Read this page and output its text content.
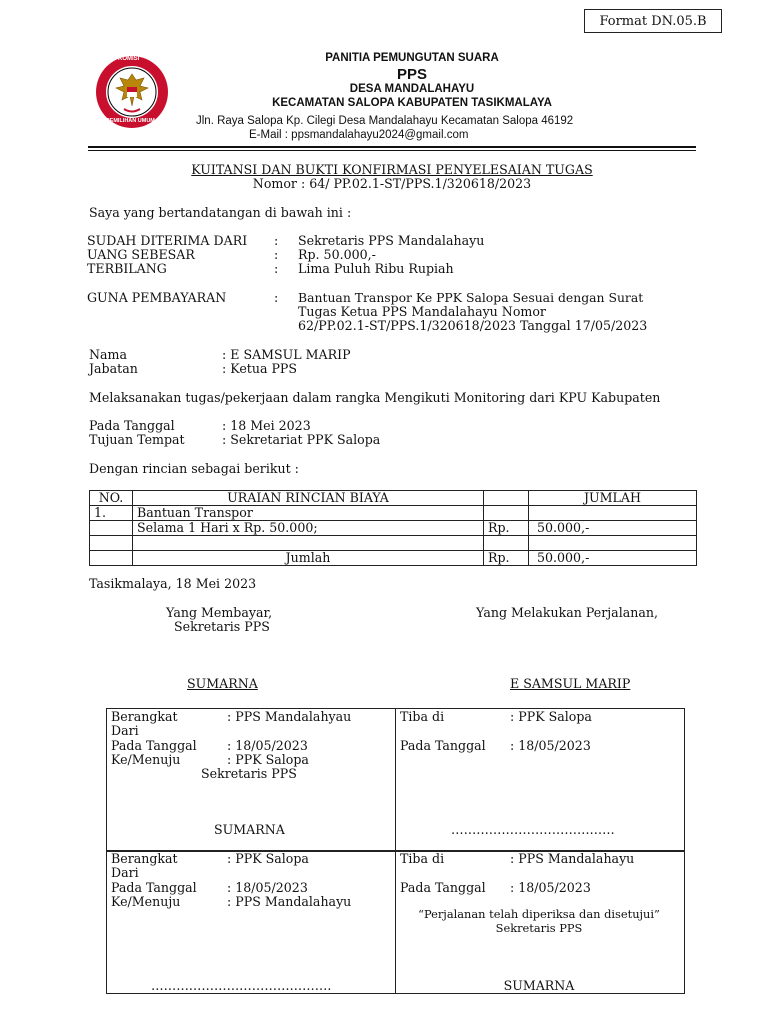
Format DN.05.B
KOMISI
PEMILIHAN UMUM
PANITIA PEMUNGUTAN SUARA
PPS
DESA MANDALAHAYU
KECAMATAN SALOPA KABUPATEN TASIKMALAYA
Jln. Raya Salopa Kp. Cilegi Desa Mandalahayu Kecamatan Salopa 46192
E-Mail : ppsmandalahayu2024@gmail.com
KUITANSI DAN BUKTI KONFIRMASI PENYELESAIAN TUGAS
Nomor : 64/ PP.02.1-ST/PPS.1/320618/2023
Saya yang bertandatangan di bawah ini :
SUDAH DITERIMA DARI : Sekretaris PPS Mandalahayu
UANG SEBESAR	: Rp. 50.000,-
TERBILANG	: Lima Puluh Ribu Rupiah
GUNA PEMBAYARAN	: Bantuan Transpor Ke PPK Salopa Sesuai dengan Surat
Tugas Ketua PPS Mandalahayu Nomor
62/PP.02.1-ST/PPS.1/320618/2023 Tanggal 17/05/2023
Nama	: E SAMSUL MARIP
Jabatan	: Ketua PPS
Melaksanakan tugas/pekerjaan dalam rangka Mengikuti Monitoring dari KPU Kabupaten
Pada Tanggal	: 18 Mei 2023
Tujuan Tempat	: Sekretariat PPK Salopa
Dengan rincian sebagai berikut :
NO.	URAIAN RINCIAN BIAYA		JUMLAH
1.	Bantuan Transpor		
	Selama 1 Hari x Rp. 50.000;	Rp.	50.000,-

	Jumlah	Rp.	50.000,-
Tasikmalaya, 18 Mei 2023
Yang Membayar,
Sekretaris PPS
SUMARNA
Yang Melakukan Perjalanan,
E SAMSUL MARIP
Berangkat	: PPS Mandalahyau
Dari
Pada Tanggal : 18/05/2023
Ke/Menuju	: PPK Salopa
Sekretaris PPS
SUMARNA
Tiba di	: PPK Salopa
Pada Tanggal : 18/05/2023
…………………………………
Berangkat	: PPK Salopa
Dari
Pada Tanggal : 18/05/2023
Ke/Menuju	: PPS Mandalahayu
…………………………………….
Tiba di	: PPS Mandalahayu
Pada Tanggal : 18/05/2023
“Perjalanan telah diperiksa dan disetujui”
Sekretaris PPS
SUMARNA
